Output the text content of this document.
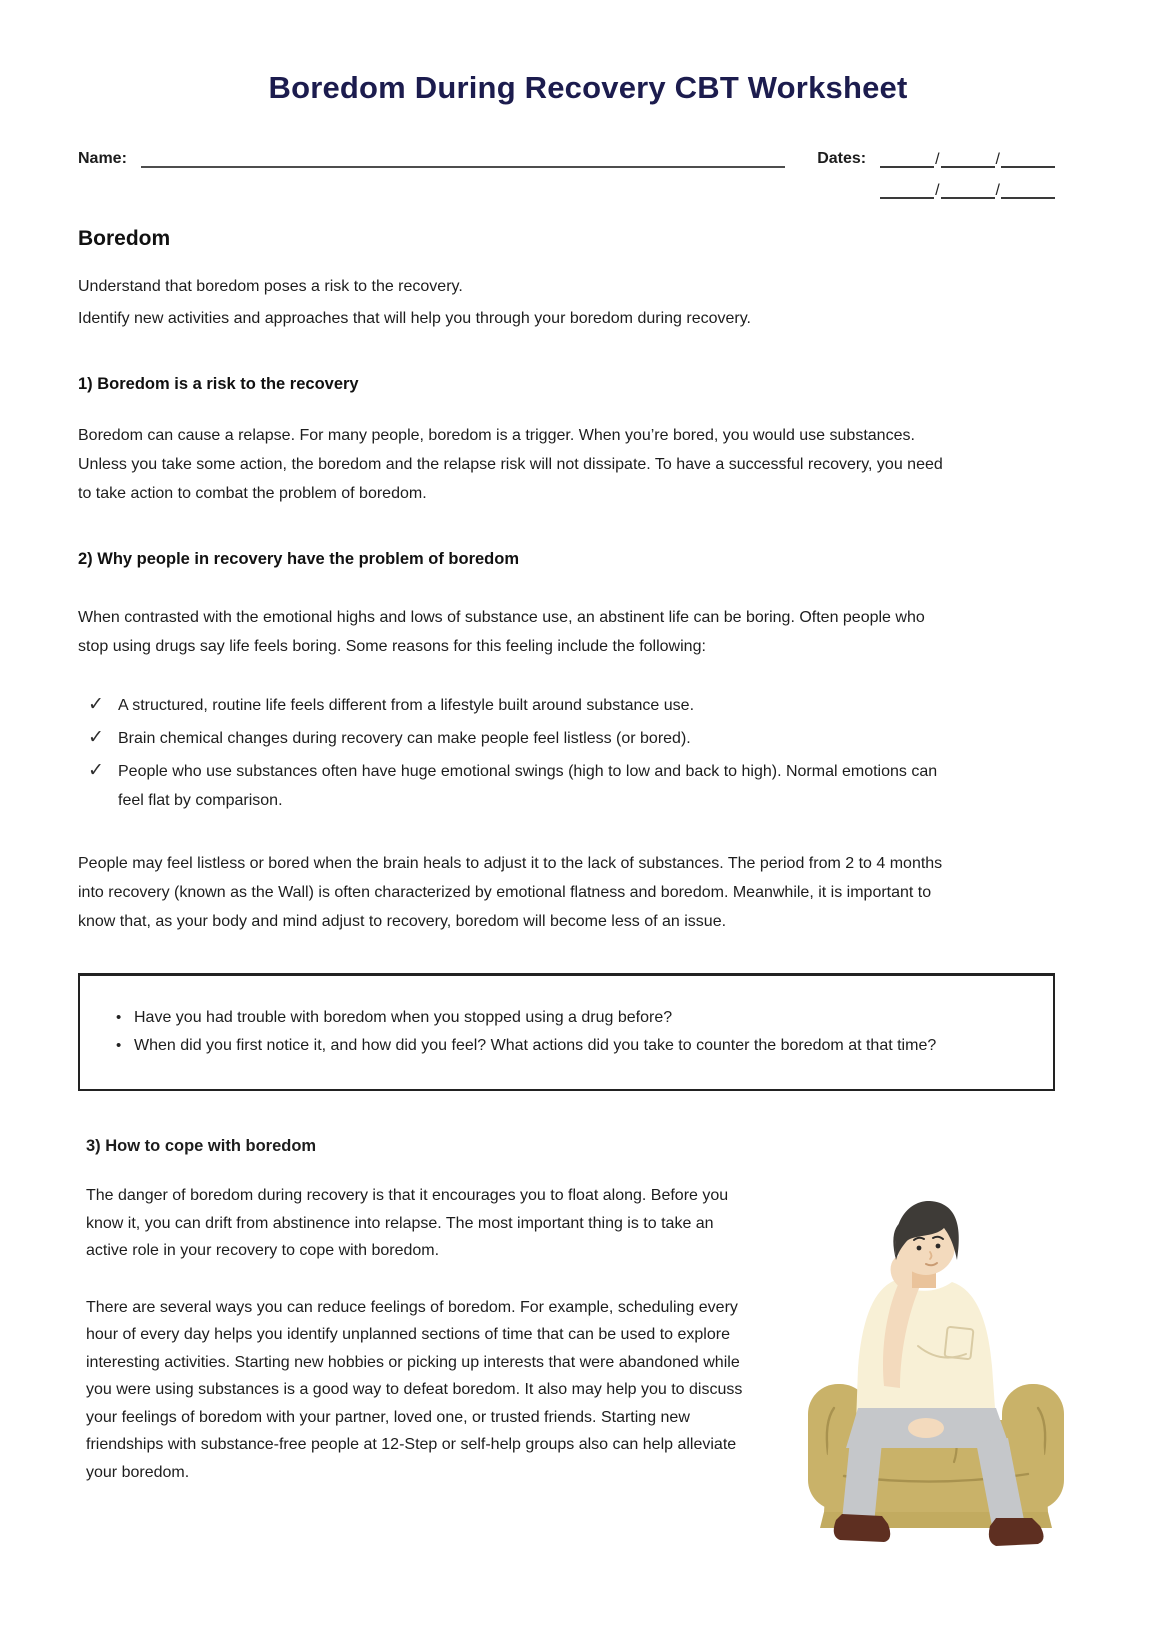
Boredom During Recovery CBT Worksheet
Name:	Dates:	/	/
/	/
Boredom

Understand that boredom poses a risk to the recovery.

Identify new activities and approaches that will help you through your boredom during recovery.

1) Boredom is a risk to the recovery

Boredom can cause a relapse. For many people, boredom is a trigger. When you’re bored, you would use substances. Unless you take some action, the boredom and the relapse risk will not dissipate. To have a successful recovery, you need to take action to combat the problem of boredom.

2) Why people in recovery have the problem of boredom

When contrasted with the emotional highs and lows of substance use, an abstinent life can be boring. Often people who stop using drugs say life feels boring. Some reasons for this feeling include the following:

✓ A structured, routine life feels different from a lifestyle built around substance use.
✓ Brain chemical changes during recovery can make people feel listless (or bored).
✓ People who use substances often have huge emotional swings (high to low and back to high). Normal emotions can feel flat by comparison.

People may feel listless or bored when the brain heals to adjust it to the lack of substances. The period from 2 to 4 months into recovery (known as the Wall) is often characterized by emotional flatness and boredom. Meanwhile, it is important to know that, as your body and mind adjust to recovery, boredom will become less of an issue.

• Have you had trouble with boredom when you stopped using a drug before?
• When did you first notice it, and how did you feel? What actions did you take to counter the boredom at that time?
3) How to cope with boredom

The danger of boredom during recovery is that it encourages you to float along. Before you know it, you can drift from abstinence into relapse. The most important thing is to take an active role in your recovery to cope with boredom.

There are several ways you can reduce feelings of boredom. For example, scheduling every hour of every day helps you identify unplanned sections of time that can be used to explore interesting activities. Starting new hobbies or picking up interests that were abandoned while you were using substances is a good way to defeat boredom. It also may help you to discuss your feelings of boredom with your partner, loved one, or trusted friends. Starting new friendships with substance-free people at 12-Step or self-help groups also can help alleviate your boredom.
